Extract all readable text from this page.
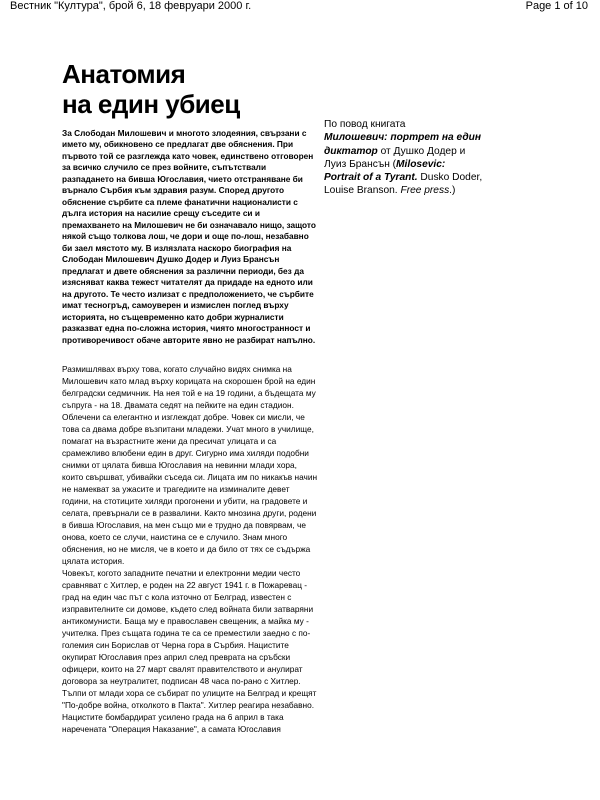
Вестник "Култура", брой 6, 18 февруари 2000 г.	Page 1 of 10
Анатомия
на един убиец

За Слободан Милошевич и многото злодеяния, свързани с името му, обикновено се предлагат две обяснения. При първото той се разглежда като човек, единствено отговорен за всичко случило се през войните, съпътствали разпадането на бившa Югославия, чието отстраняване би върнало Сърбия към здравия разум. Според другото обяснение сърбите са племе фанатични националисти с дълга история на насилие срещу съседите си и премахването на Милошевич не би означавало нищо, защото някой също толкова лош, че дори и още по-лош, незабавно би заел мястото му. В излязлата наскоро биография на Слободан Милошевич Душко Додер и Луиз Брансън предлагат и двете обяснения за различни периоди, без да изясняват каква тежест читателят да придаде на едното или на другото. Те често излизат с предположението, че сърбите имат тесногръд, самоуверен и измислен поглед върху историята, но същевременно като добри журналисти разказват една по-сложна история, чиято многостранност и противоречивост обаче авторите явно не разбират напълно.

Размишлявах върху това, когато случайно видях снимка на Милошевич като млад върху корицата на скорошен брой на един белградски седмичник. На нея той е на 19 години, а бъдещата му съпруга - на 18. Двамата седят на пейките на един стадион. Облечени са елегантно и изглеждат добре. Човек си мисли, че това са двама добре възпитани младежи. Учат много в училище, помагат на възрастните жени да пресичат улицата и са срамежливо влюбени един в друг. Сигурно има хиляди подобни снимки от цялата бивша Югославия на невинни млади хора, които свършват, убивайки съседа си. Лицата им по никакъв начин не намекват за ужасите и трагедиите на изминалите девет години, на стотиците хиляди прогонени и убити, на градовете и селата, превърнали се в развалини. Както мнозина други, родени в бившa Югославия, на мен също ми е трудно да повярвам, че онова, което се случи, наистина се е случило. Знам много обяснения, но не мисля, че в което и да било от тях се съдържа цялата история.

Човекът, когото западните печатни и електронни медии често сравняват с Хитлер, е роден на 22 август 1941 г. в Пожаревац - град на един час път с кола източно от Белград, известен с изправителните си домове, където след войната били затваряни антикомунисти. Баща му е православен свещеник, а майка му - учителка. През същата година те са се преместили заедно с по-големия син Борислав от Черна гора в Сърбия. Нацистите окупират Югославия през април след превратa на сръбски офицери, които на 27 март свалят правителството и анулират договора за неутралитет, подписан 48 часа по-рано с Хитлер. Тълпи от млади хора се събират по улиците на Белград и крещят "По-добре война, отколкото в Пакта". Хитлер реагира незабавно. Нацистите бомбардират усилено града на 6 април в така наречената "Операция Наказание", а самата Югославия

По повод книгата
Милошевич: портрет на един диктатор от Душко Додер и Луиз Брансън (Milosevic: Portrait of a Tyrant. Dusko Doder, Louise Branson. Free press.)
